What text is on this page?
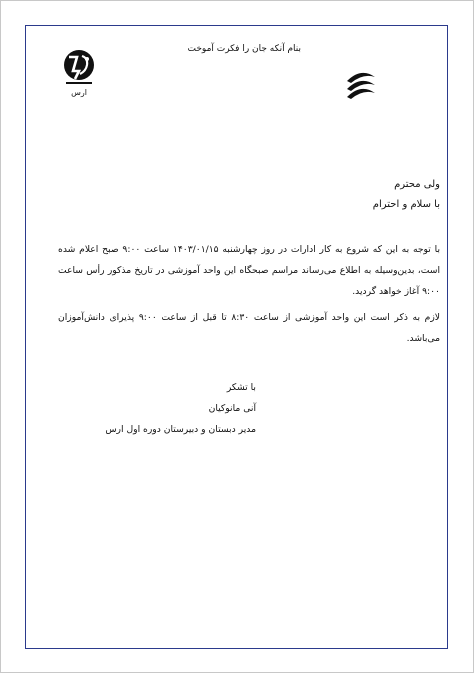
بنام آنکه جان را فکرت آموخت
ارس
ولی محترم
با سلام و احترام
با توجه به این که شروع به کار ادارات در روز چهارشنبه ۱۴۰۳/۰۱/۱۵ ساعت ۹:۰۰ صبح اعلام شده است، بدین‌وسیله به اطلاع می‌رساند مراسم صبحگاه این واحد آموزشی در تاریخ مذکور رأس ساعت ۹:۰۰ آغاز خواهد گردید.
لازم به ذکر است این واحد آموزشی از ساعت ۸:۳۰ تا قبل از ساعت ۹:۰۰ پذیرای دانش‌آموزان می‌باشد.
با تشکر
آنی مانوکیان
مدیر دبستان و دبیرستان دوره اول ارس
